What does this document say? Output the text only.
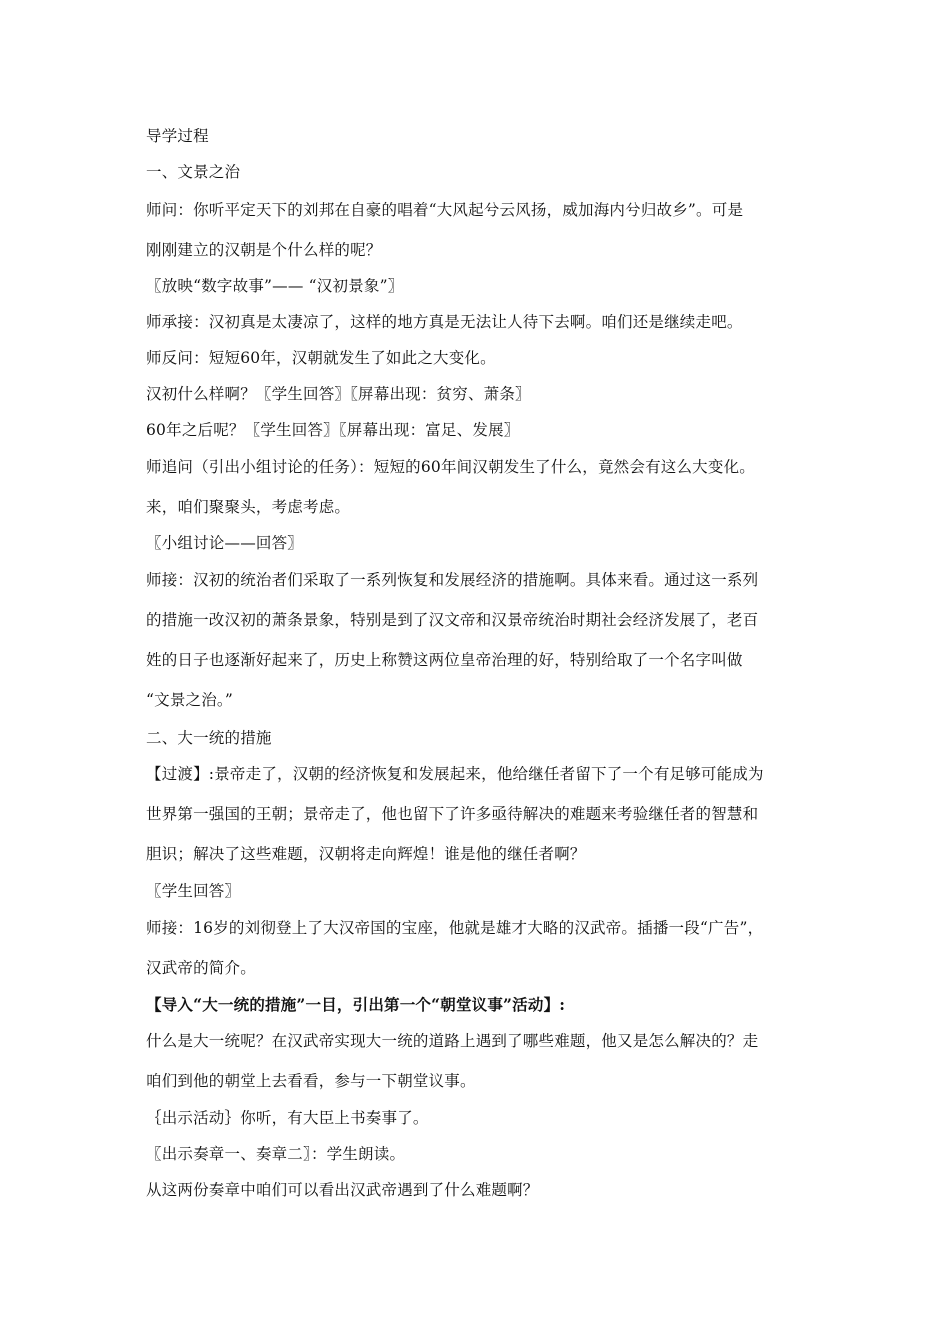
导学过程
一、文景之治
师问：你听平定天下的刘邦在自豪的唱着“大风起兮云风扬，威加海内兮归故乡”。可是
刚刚建立的汉朝是个什么样的呢？
〖放映“数字故事”—— “汉初景象”〗
师承接：汉初真是太凄凉了，这样的地方真是无法让人待下去啊。咱们还是继续走吧。
师反问：短短60年，汉朝就发生了如此之大变化。
汉初什么样啊？〖学生回答〗〖屏幕出现：贫穷、萧条〗
60年之后呢？〖学生回答〗〖屏幕出现：富足、发展〗
师追问（引出小组讨论的任务）：短短的60年间汉朝发生了什么，竟然会有这么大变化。
来，咱们聚聚头，考虑考虑。
〖小组讨论——回答〗
师接：汉初的统治者们采取了一系列恢复和发展经济的措施啊。具体来看。通过这一系列
的措施一改汉初的萧条景象，特别是到了汉文帝和汉景帝统治时期社会经济发展了，老百
姓的日子也逐渐好起来了，历史上称赞这两位皇帝治理的好，特别给取了一个名字叫做
“文景之治。”
二、大一统的措施
【过渡】:景帝走了，汉朝的经济恢复和发展起来，他给继任者留下了一个有足够可能成为
世界第一强国的王朝；景帝走了，他也留下了许多亟待解决的难题来考验继任者的智慧和
胆识；解决了这些难题，汉朝将走向辉煌！谁是他的继任者啊？
〖学生回答〗
师接：16岁的刘彻登上了大汉帝国的宝座，他就是雄才大略的汉武帝。插播一段“广告”，
汉武帝的简介。
【导入“大一统的措施”一目，引出第一个“朝堂议事”活动】:
什么是大一统呢？在汉武帝实现大一统的道路上遇到了哪些难题，他又是怎么解决的？走
咱们到他的朝堂上去看看，参与一下朝堂议事。
｛出示活动｝你听，有大臣上书奏事了。
〖出示奏章一、奏章二〗：学生朗读。
从这两份奏章中咱们可以看出汉武帝遇到了什么难题啊？
